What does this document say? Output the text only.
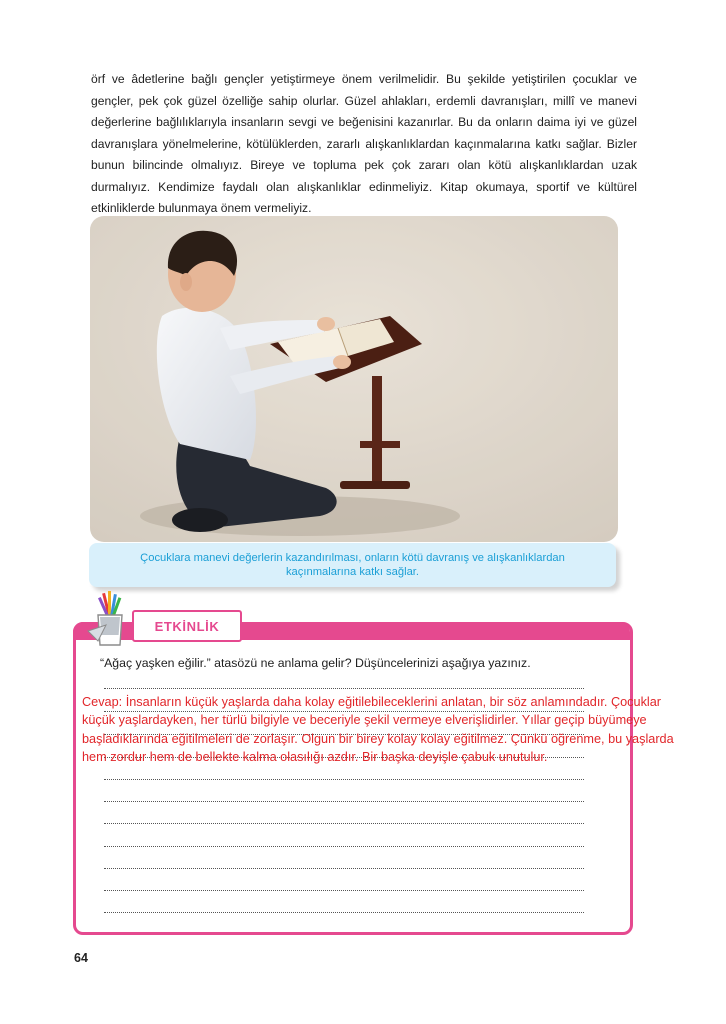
örf ve âdetlerine bağlı gençler yetiştirmeye önem verilmelidir. Bu şekilde yetiştirilen çocuklar ve gençler, pek çok güzel özelliğe sahip olurlar. Güzel ahlakları, erdemli davranışları, millî ve manevi değerlerine bağlılıklarıyla insanların sevgi ve beğenisini kazanırlar. Bu da onların daima iyi ve güzel davranışlara yönelmelerine, kötülüklerden, zararlı alışkanlıklardan kaçınmalarına katkı sağlar. Bizler bunun bilincinde olmalıyız. Bireye ve topluma pek çok zararı olan kötü alışkanlıklardan uzak durmalıyız. Kendimize faydalı olan alışkanlıklar edinmeliyiz. Kitap okumaya, sportif ve kültürel etkinliklerde bulunmaya önem vermeliyiz.
Çocuklara manevi değerlerin kazandırılması, onların kötü davranış ve alışkanlıklardan kaçınmalarına katkı sağlar.
ETKİNLİK
“Ağaç yaşken eğilir.” atasözü ne anlama gelir? Düşüncelerinizi aşağıya yazınız.
Cevap: İnsanların küçük yaşlarda daha kolay eğitilebileceklerini anlatan, bir söz anlamındadır. Çocuklar küçük yaşlardayken, her türlü bilgiyle ve beceriyle şekil vermeye elverişlidirler. Yıllar geçip büyümeye başladıklarında eğitilmeleri de zorlaşır. Olgun bir birey kolay kolay eğitilmez. Çünkü öğrenme, bu yaşlarda hem zordur hem de bellekte kalma olasılığı azdır. Bir başka deyişle çabuk unutulur.
64
